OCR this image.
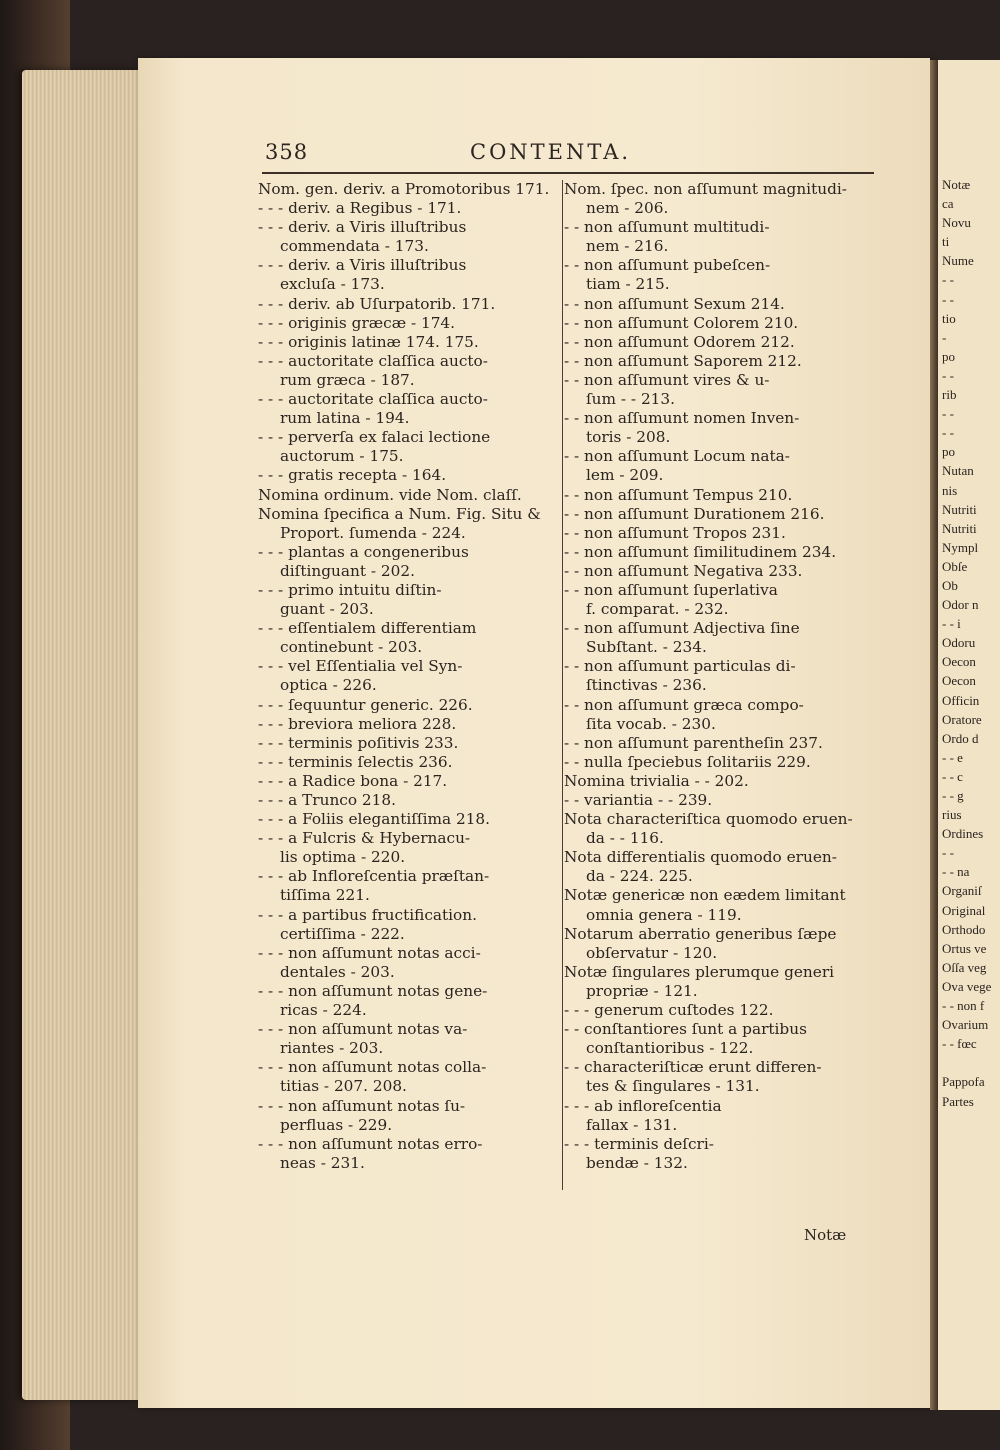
Notæ
ca
Novu
ti
Nume
- -
- -
tio
-
po
- -
rib
- -
- -
po
Nutan
nis
Nutriti
Nutriti
Nympl
Obſe
Ob
Odor n
- - i
Odoru
Oecon
Oecon
Officin
Oratore
Ordo d
- - e
- - c
- - g
rius
Ordines
- -
- - na
Organiſ
Original
Orthodo
Ortus ve
Oſſa veg
Ova vege
- - non f
Ovarium
- - fœc
Pappofa
Partes
358	CONTENTA.
Nom. gen. deriv. a Promotoribus 171.
- - - deriv. a Regibus - 171.
- - - deriv. a Viris illuſtribus
commendata - 173.
- - - deriv. a Viris illuſtribus
excluſa - 173.
- - - deriv. ab Uſurpatorib. 171.
- - - originis græcæ - 174.
- - - originis latinæ 174. 175.
- - - auctoritate claſſica aucto-
rum græca - 187.
- - - auctoritate claſſica aucto-
rum latina - 194.
- - - perverſa ex falaci lectione
auctorum - 175.
- - - gratis recepta - 164.
Nomina ordinum. vide Nom. claſſ.
Nomina ſpecifica a Num. Fig. Situ &
Proport. ſumenda - 224.
- - - plantas a congeneribus
diſtinguant - 202.
- - - primo intuitu diſtin-
guant - 203.
- - - eſſentialem differentiam
continebunt - 203.
- - - vel Eſſentialia vel Syn-
optica - 226.
- - - ſequuntur generic. 226.
- - - breviora meliora 228.
- - - terminis poſitivis 233.
- - - terminis ſelectis 236.
- - - a Radice bona - 217.
- - - a Trunco 218.
- - - a Foliis elegantiſſima 218.
- - - a Fulcris & Hybernacu-
lis optima - 220.
- - - ab Infloreſcentia præſtan-
tiſſima 221.
- - - a partibus fructification.
certiſſima - 222.
- - - non aſſumunt notas acci-
dentales - 203.
- - - non aſſumunt notas gene-
ricas - 224.
- - - non aſſumunt notas va-
riantes - 203.
- - - non aſſumunt notas colla-
titias - 207. 208.
- - - non aſſumunt notas ſu-
perfluas - 229.
- - - non aſſumunt notas erro-
neas - 231.
Nom. ſpec. non aſſumunt magnitudi-
nem - 206.
- - non aſſumunt multitudi-
nem - 216.
- - non aſſumunt pubeſcen-
tiam - 215.
- - non aſſumunt Sexum 214.
- - non aſſumunt Colorem 210.
- - non aſſumunt Odorem 212.
- - non aſſumunt Saporem 212.
- - non aſſumunt vires & u-
ſum - - 213.
- - non aſſumunt nomen Inven-
toris - 208.
- - non aſſumunt Locum nata-
lem - 209.
- - non aſſumunt Tempus 210.
- - non aſſumunt Durationem 216.
- - non aſſumunt Tropos 231.
- - non aſſumunt ſimilitudinem 234.
- - non aſſumunt Negativa 233.
- - non aſſumunt ſuperlativa
f. comparat. - 232.
- - non aſſumunt Adjectiva ſine
Subſtant. - 234.
- - non aſſumunt particulas di-
ſtinctivas - 236.
- - non aſſumunt græca compo-
ſita vocab. - 230.
- - non aſſumunt parentheſin 237.
- - nulla ſpeciebus ſolitariis 229.
Nomina trivialia - - 202.
- - variantia - - 239.
Nota characteriſtica quomodo eruen-
da - - 116.
Nota differentialis quomodo eruen-
da - 224. 225.
Notæ genericæ non eædem limitant
omnia genera - 119.
Notarum aberratio generibus ſæpe
obſervatur - 120.
Notæ ſingulares plerumque generi
propriæ - 121.
- - - generum cuſtodes 122.
- - conſtantiores ſunt a partibus
conſtantioribus - 122.
- - characteriſticæ erunt differen-
tes & ſingulares - 131.
- - - ab infloreſcentia
fallax - 131.
- - - terminis deſcri-
bendæ - 132.
Notæ
